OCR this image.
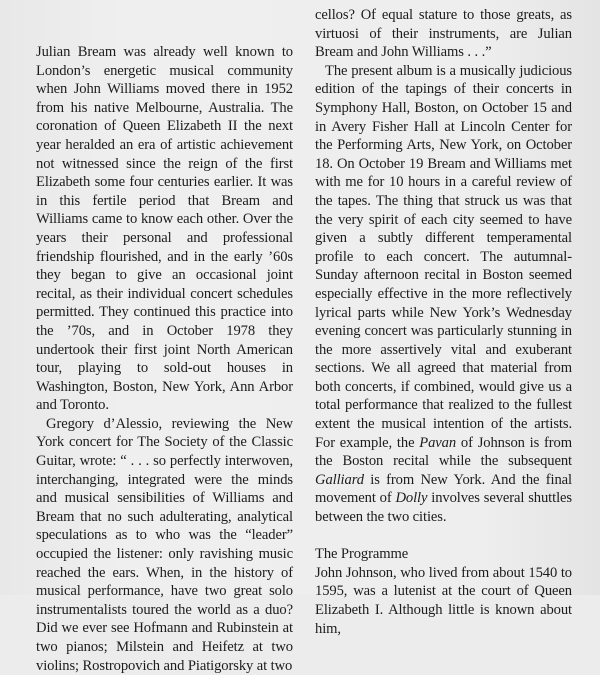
Julian Bream was already well known to London’s energetic musical community when John Williams moved there in 1952 from his native Melbourne, Australia. The coronation of Queen Elizabeth II the next year heralded an era of artistic achievement not witnessed since the reign of the first Elizabeth some four centuries earlier. It was in this fertile period that Bream and Williams came to know each other. Over the years their personal and professional friendship flourished, and in the early ’60s they began to give an occasional joint recital, as their individual concert schedules permitted. They continued this practice into the ’70s, and in October 1978 they undertook their first joint North American tour, playing to sold-out houses in Washington, Boston, New York, Ann Arbor and Toronto.

Gregory d’Alessio, reviewing the New York concert for The Society of the Classic Guitar, wrote: “ . . . so perfectly interwoven, interchanging, integrated were the minds and musical sensibilities of Williams and Bream that no such adulterating, analytical speculations as to who was the “leader” occupied the listener: only ravishing music reached the ears. When, in the history of musical performance, have two great solo instrumentalists toured the world as a duo? Did we ever see Hofmann and Rubinstein at two pianos; Milstein and Heifetz at two violins; Rostropovich and Piatigorsky at two

cellos? Of equal stature to those greats, as virtuosi of their instruments, are Julian Bream and John Williams . . .”

The present album is a musically judicious edition of the tapings of their concerts in Symphony Hall, Boston, on October 15 and in Avery Fisher Hall at Lincoln Center for the Performing Arts, New York, on October 18. On October 19 Bream and Williams met with me for 10 hours in a careful review of the tapes. The thing that struck us was that the very spirit of each city seemed to have given a subtly different temperamental profile to each concert. The autumnal-Sunday afternoon recital in Boston seemed especially effective in the more reflectively lyrical parts while New York’s Wednesday evening concert was particularly stunning in the more assertively vital and exuberant sections. We all agreed that material from both concerts, if combined, would give us a total performance that realized to the fullest extent the musical intention of the artists. For example, the Pavan of Johnson is from the Boston recital while the subsequent Galliard is from New York. And the final movement of Dolly involves several shuttles between the two cities.

The Programme

John Johnson, who lived from about 1540 to 1595, was a lutenist at the court of Queen Elizabeth I. Although little is known about him,
